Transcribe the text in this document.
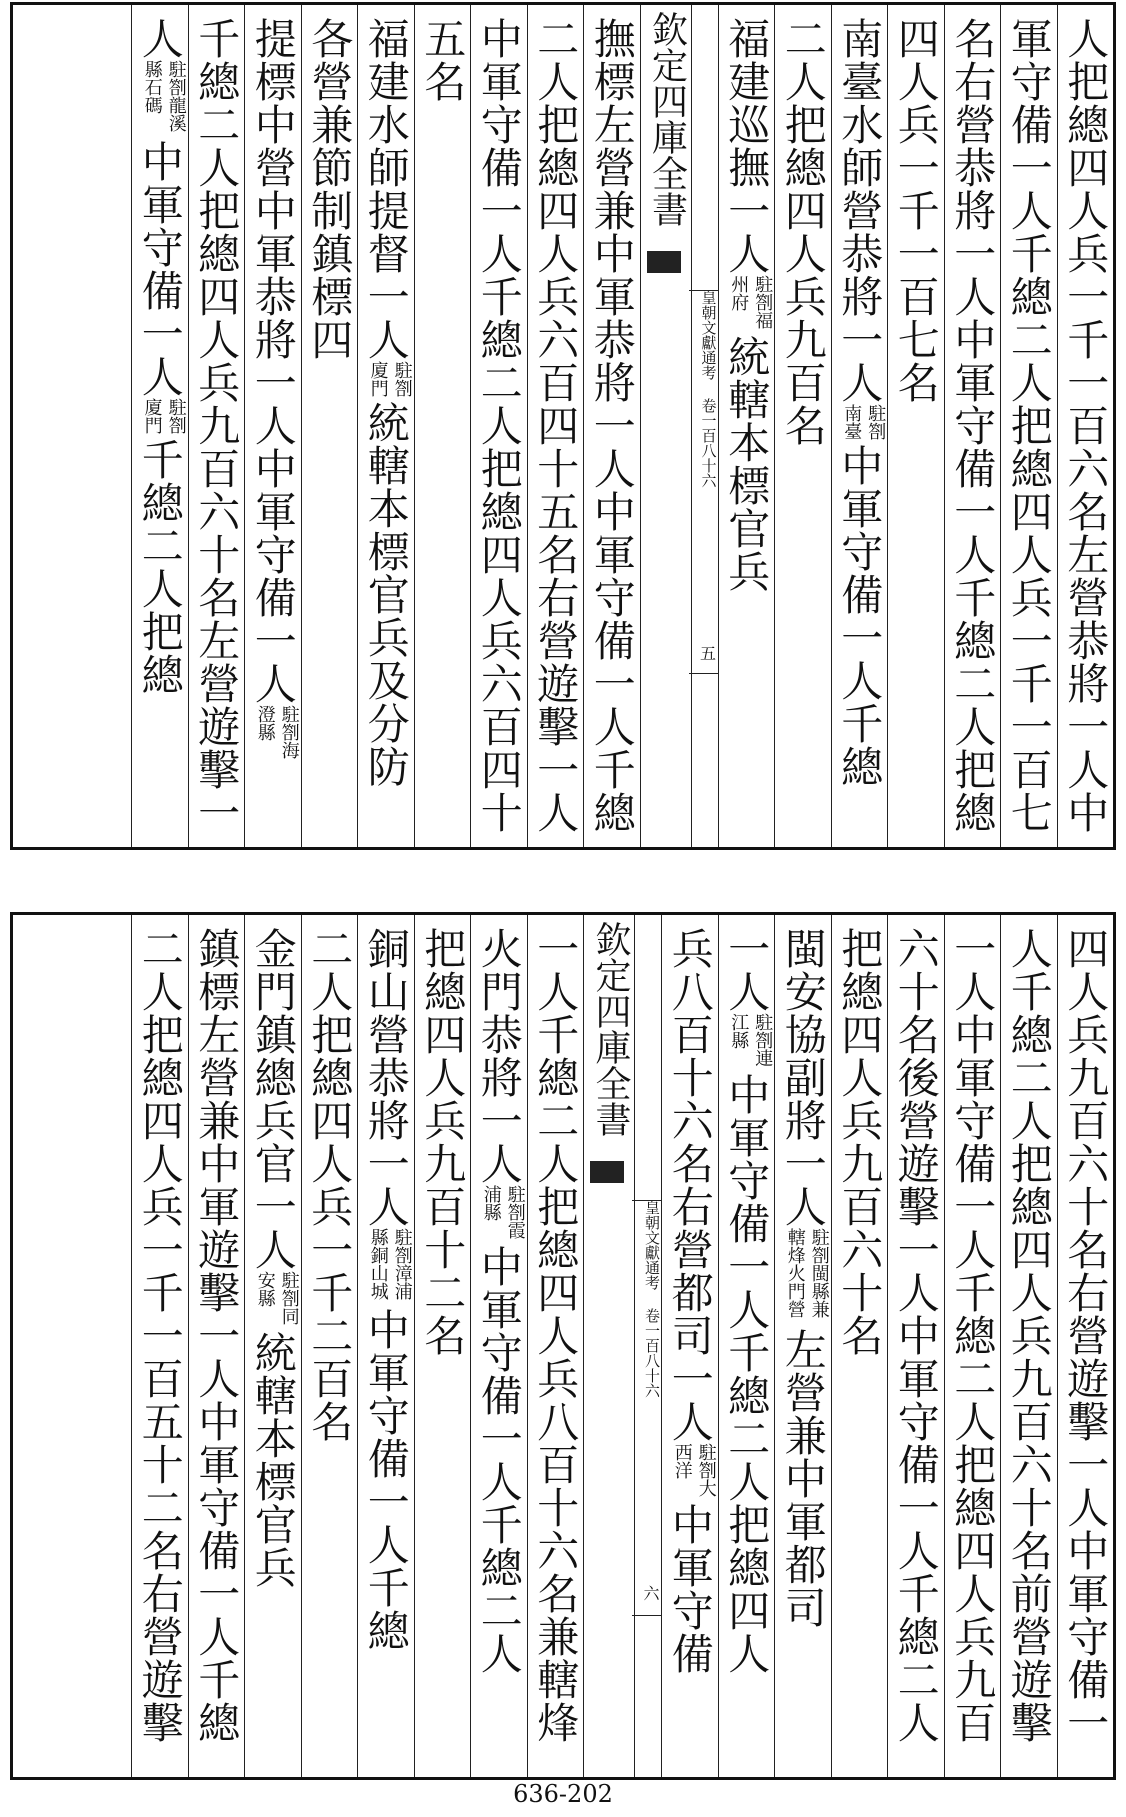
人把總四人兵一千一百六名左營恭將一人中
軍守備一人千總二人把總四人兵一千一百七
名右營恭將一人中軍守備一人千總二人把總
四人兵一千一百七名
南臺水師營恭將一人
駐劄
南臺
中軍守備一人千總
二人把總四人兵九百名
福建巡撫一人
駐劄福
州府
統轄本標官兵
欽定四庫全書
皇朝文獻通考 卷一百八十六
五
撫標左營兼中軍恭將一人中軍守備一人千總
二人把總四人兵六百四十五名右營遊擊一人
中軍守備一人千總二人把總四人兵六百四十
五名
福建水師提督一人
駐劄
廈門
統轄本標官兵及分防
各營兼節制鎮標四
提標中營中軍恭將一人中軍守備一人
駐劄海
澄縣
千總二人把總四人兵九百六十名左營遊擊一
人
駐劄龍溪
縣石碼
中軍守備一人
駐劄
廈門
千總二人把總
四人兵九百六十名右營遊擊一人中軍守備一
人千總二人把總四人兵九百六十名前營遊擊
一人中軍守備一人千總二人把總四人兵九百
六十名後營遊擊一人中軍守備一人千總二人
把總四人兵九百六十名
閩安協副將一人
駐劄閩縣兼
轄烽火門營
左營兼中軍都司
一人
駐劄連
江縣
中軍守備一人千總二人把總四人
兵八百十六名右營都司一人
駐劄大
西洋
中軍守備
欽定四庫全書
皇朝文獻通考 卷一百八十六
六
一人千總二人把總四人兵八百十六名兼轄烽
火門恭將一人
駐劄霞
浦縣
中軍守備一人千總二人
把總四人兵九百十二名
銅山營恭將一人
駐劄漳浦
縣銅山城
中軍守備一人千總
二人把總四人兵一千二百名
金門鎮總兵官一人
駐劄同
安縣
統轄本標官兵
鎮標左營兼中軍遊擊一人中軍守備一人千總
二人把總四人兵一千一百五十二名右營遊擊
636-202
